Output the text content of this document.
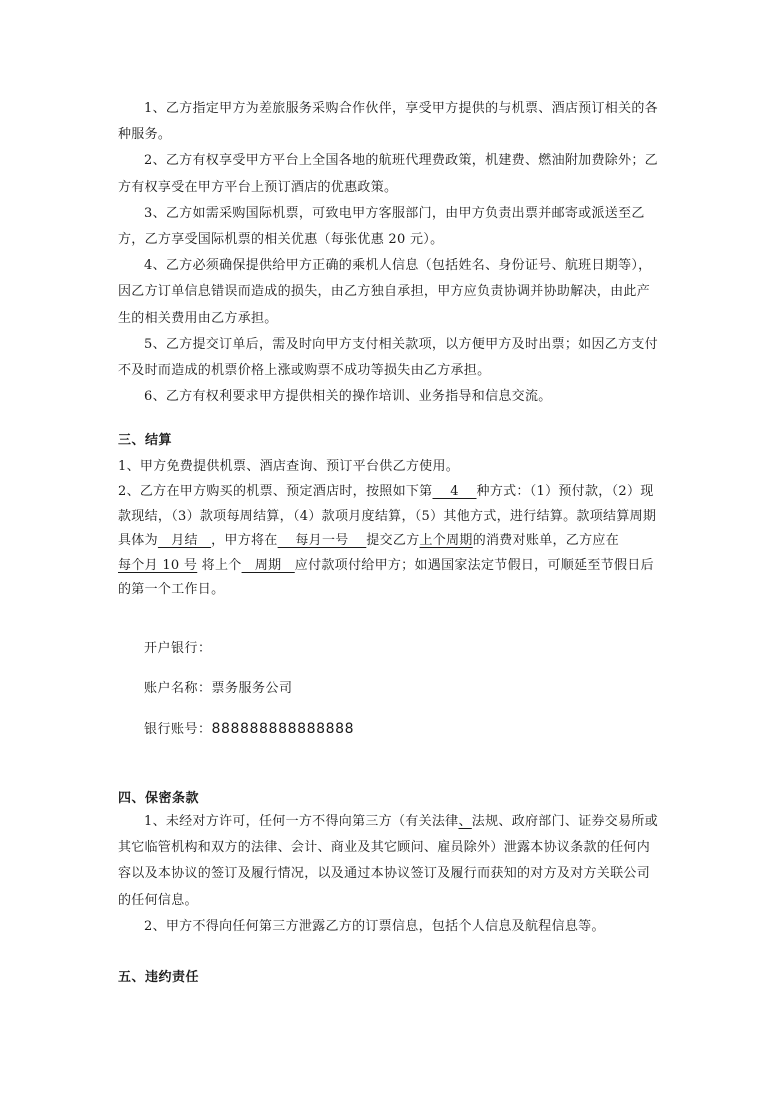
1、乙方指定甲方为差旅服务采购合作伙伴，享受甲方提供的与机票、酒店预订相关的各种服务。

2、乙方有权享受甲方平台上全国各地的航班代理费政策，机建费、燃油附加费除外；乙方有权享受在甲方平台上预订酒店的优惠政策。

3、乙方如需采购国际机票，可致电甲方客服部门，由甲方负责出票并邮寄或派送至乙方，乙方享受国际机票的相关优惠（每张优惠 20 元）。

4、乙方必须确保提供给甲方正确的乘机人信息（包括姓名、身份证号、航班日期等），因乙方订单信息错误而造成的损失，由乙方独自承担，甲方应负责协调并协助解决，由此产生的相关费用由乙方承担。

5、乙方提交订单后，需及时向甲方支付相关款项，以方便甲方及时出票；如因乙方支付不及时而造成的机票价格上涨或购票不成功等损失由乙方承担。

6、乙方有权利要求甲方提供相关的操作培训、业务指导和信息交流。

三、结算

1、甲方免费提供机票、酒店查询、预订平台供乙方使用。

2、乙方在甲方购买的机票、预定酒店时，按照如下第    4    种方式：（1）预付款，（2）现款现结，（3）款项每周结算，（4）款项月度结算，（5）其他方式，进行结算。款项结算周期具体为   月结   ，甲方将在    每月一号    提交乙方上个周期的消费对账单，乙方应在每个月 10 号 将上个   周期   应付款项付给甲方；如遇国家法定节假日，可顺延至节假日后的第一个工作日。

开户银行：
账户名称：票务服务公司
银行账号：888888888888888
四、保密条款

1、未经对方许可，任何一方不得向第三方（有关法律、法规、政府部门、证券交易所或其它临管机构和双方的法律、会计、商业及其它顾问、雇员除外）泄露本协议条款的任何内容以及本协议的签订及履行情况，以及通过本协议签订及履行而获知的对方及对方关联公司的任何信息。

2、甲方不得向任何第三方泄露乙方的订票信息，包括个人信息及航程信息等。

五、违约责任
